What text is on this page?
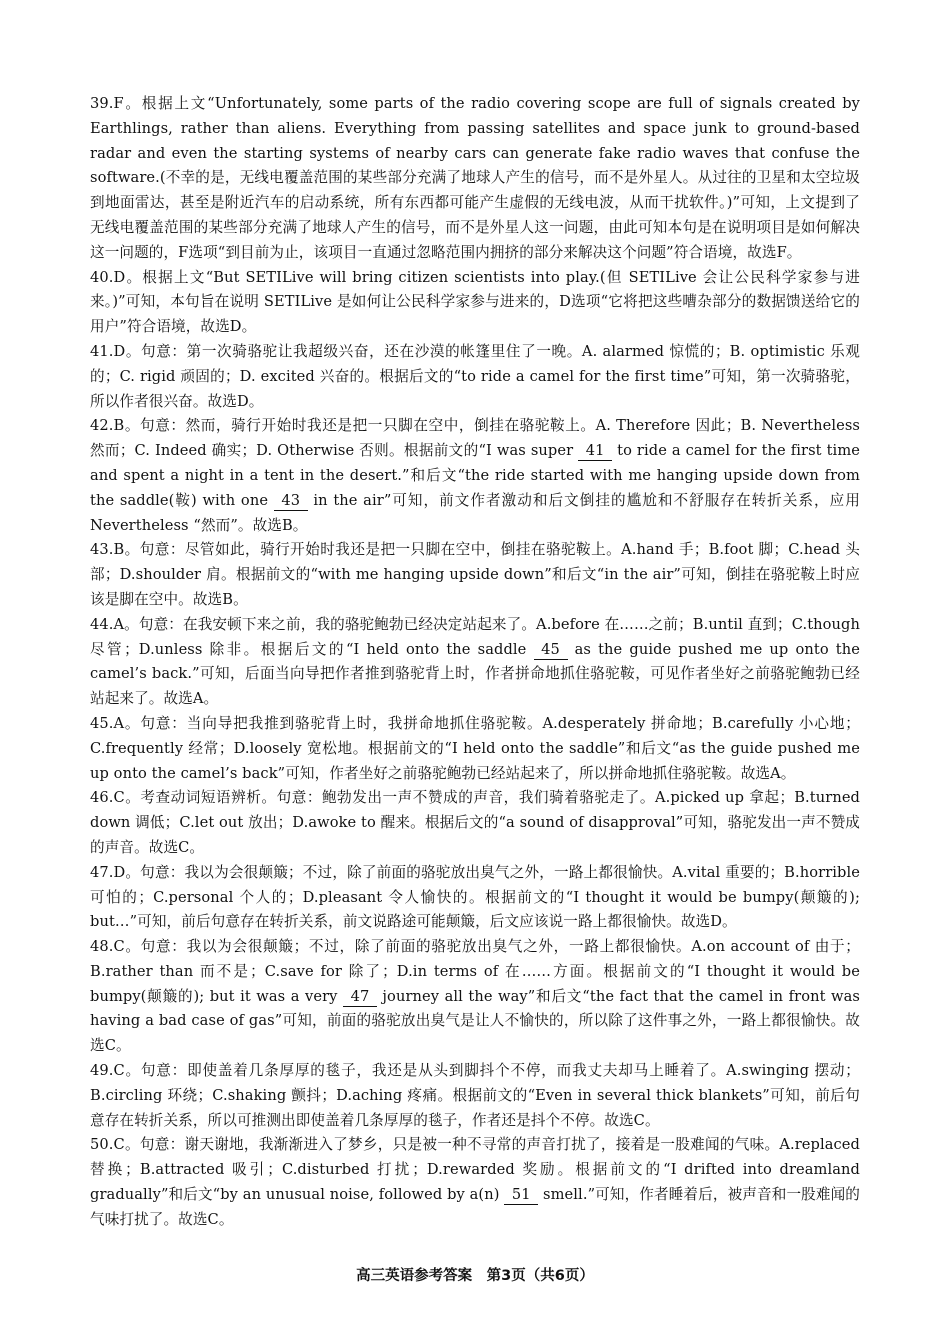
39.F。根据上文“Unfortunately, some parts of the radio covering scope are full of signals created by Earthlings, rather than aliens. Everything from passing satellites and space junk to ground-based radar and even the starting systems of nearby cars can generate fake radio waves that confuse the software.(不幸的是，无线电覆盖范围的某些部分充满了地球人产生的信号，而不是外星人。从过往的卫星和太空垃圾到地面雷达，甚至是附近汽车的启动系统，所有东西都可能产生虚假的无线电波，从而干扰软件。)”可知，上文提到了无线电覆盖范围的某些部分充满了地球人产生的信号，而不是外星人这一问题，由此可知本句是在说明项目是如何解决这一问题的，F选项“到目前为止，该项目一直通过忽略范围内拥挤的部分来解决这个问题”符合语境，故选F。

40.D。根据上文“But SETILive will bring citizen scientists into play.(但 SETILive 会让公民科学家参与进来。)”可知，本句旨在说明 SETILive 是如何让公民科学家参与进来的，D选项“它将把这些嘈杂部分的数据馈送给它的用户”符合语境，故选D。

41.D。句意：第一次骑骆驼让我超级兴奋，还在沙漠的帐篷里住了一晚。A. alarmed 惊慌的；B. optimistic 乐观的；C. rigid 顽固的；D. excited 兴奋的。根据后文的“to ride a camel for the first time”可知，第一次骑骆驼，所以作者很兴奋。故选D。

42.B。句意：然而，骑行开始时我还是把一只脚在空中，倒挂在骆驼鞍上。A. Therefore 因此；B. Nevertheless 然而；C. Indeed 确实；D. Otherwise 否则。根据前文的“I was super 41 to ride a camel for the first time and spent a night in a tent in the desert.”和后文“the ride started with me hanging upside down from the saddle(鞍) with one 43 in the air”可知，前文作者激动和后文倒挂的尴尬和不舒服存在转折关系，应用 Nevertheless “然而”。故选B。

43.B。句意：尽管如此，骑行开始时我还是把一只脚在空中，倒挂在骆驼鞍上。A.hand 手；B.foot 脚；C.head 头部；D.shoulder 肩。根据前文的“with me hanging upside down”和后文“in the air”可知，倒挂在骆驼鞍上时应该是脚在空中。故选B。

44.A。句意：在我安顿下来之前，我的骆驼鲍勃已经决定站起来了。A.before 在……之前；B.until 直到；C.though 尽管；D.unless 除非。根据后文的“I held onto the saddle 45 as the guide pushed me up onto the camel’s back.”可知，后面当向导把作者推到骆驼背上时，作者拼命地抓住骆驼鞍，可见作者坐好之前骆驼鲍勃已经站起来了。故选A。

45.A。句意：当向导把我推到骆驼背上时，我拼命地抓住骆驼鞍。A.desperately 拼命地；B.carefully 小心地；C.frequently 经常；D.loosely 宽松地。根据前文的“I held onto the saddle”和后文“as the guide pushed me up onto the camel’s back”可知，作者坐好之前骆驼鲍勃已经站起来了，所以拼命地抓住骆驼鞍。故选A。

46.C。考查动词短语辨析。句意：鲍勃发出一声不赞成的声音，我们骑着骆驼走了。A.picked up 拿起；B.turned down 调低；C.let out 放出；D.awoke to 醒来。根据后文的“a sound of disapproval”可知，骆驼发出一声不赞成的声音。故选C。

47.D。句意：我以为会很颠簸；不过，除了前面的骆驼放出臭气之外，一路上都很愉快。A.vital 重要的；B.horrible 可怕的；C.personal 个人的；D.pleasant 令人愉快的。根据前文的“I thought it would be bumpy(颠簸的); but…”可知，前后句意存在转折关系，前文说路途可能颠簸，后文应该说一路上都很愉快。故选D。

48.C。句意：我以为会很颠簸；不过，除了前面的骆驼放出臭气之外，一路上都很愉快。A.on account of 由于；B.rather than 而不是；C.save for 除了；D.in terms of 在……方面。根据前文的“I thought it would be bumpy(颠簸的); but it was a very 47 journey all the way”和后文“the fact that the camel in front was having a bad case of gas”可知，前面的骆驼放出臭气是让人不愉快的，所以除了这件事之外，一路上都很愉快。故选C。

49.C。句意：即使盖着几条厚厚的毯子，我还是从头到脚抖个不停，而我丈夫却马上睡着了。A.swinging 摆动；B.circling 环绕；C.shaking 颤抖；D.aching 疼痛。根据前文的“Even in several thick blankets”可知，前后句意存在转折关系，所以可推测出即使盖着几条厚厚的毯子，作者还是抖个不停。故选C。

50.C。句意：谢天谢地，我渐渐进入了梦乡，只是被一种不寻常的声音打扰了，接着是一股难闻的气味。A.replaced 替换；B.attracted 吸引；C.disturbed 打扰；D.rewarded 奖励。根据前文的“I drifted into dreamland gradually”和后文“by an unusual noise, followed by a(n) 51 smell.”可知，作者睡着后，被声音和一股难闻的气味打扰了。故选C。

高三英语参考答案　第3页（共6页）
